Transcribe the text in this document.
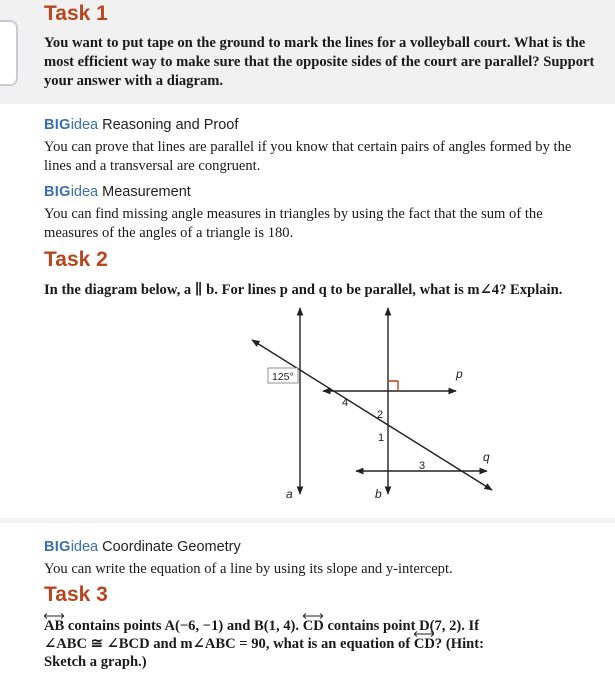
Task 1

You want to put tape on the ground to mark the lines for a volleyball court. What is the most efficient way to make sure that the opposite sides of the court are parallel? Support your answer with a diagram.

BIGidea Reasoning and Proof

You can prove that lines are parallel if you know that certain pairs of angles formed by the lines and a transversal are congruent.

BIGidea Measurement

You can find missing angle measures in triangles by using the fact that the sum of the measures of the angles of a triangle is 180.

Task 2

In the diagram below, a ∥ b. For lines p and q to be parallel, what is m∠4? Explain.

125°
4
2
1
3
p
q
a	b

BIGidea Coordinate Geometry

You can write the equation of a line by using its slope and y-intercept.

Task 3

AB contains points A(−6, −1) and B(1, 4).
CD contains point D(7, 2). If
∠ABC ≅ ∠BCD and m∠ABC = 90, what is an equation of
CD? (Hint:
Sketch a graph.)
